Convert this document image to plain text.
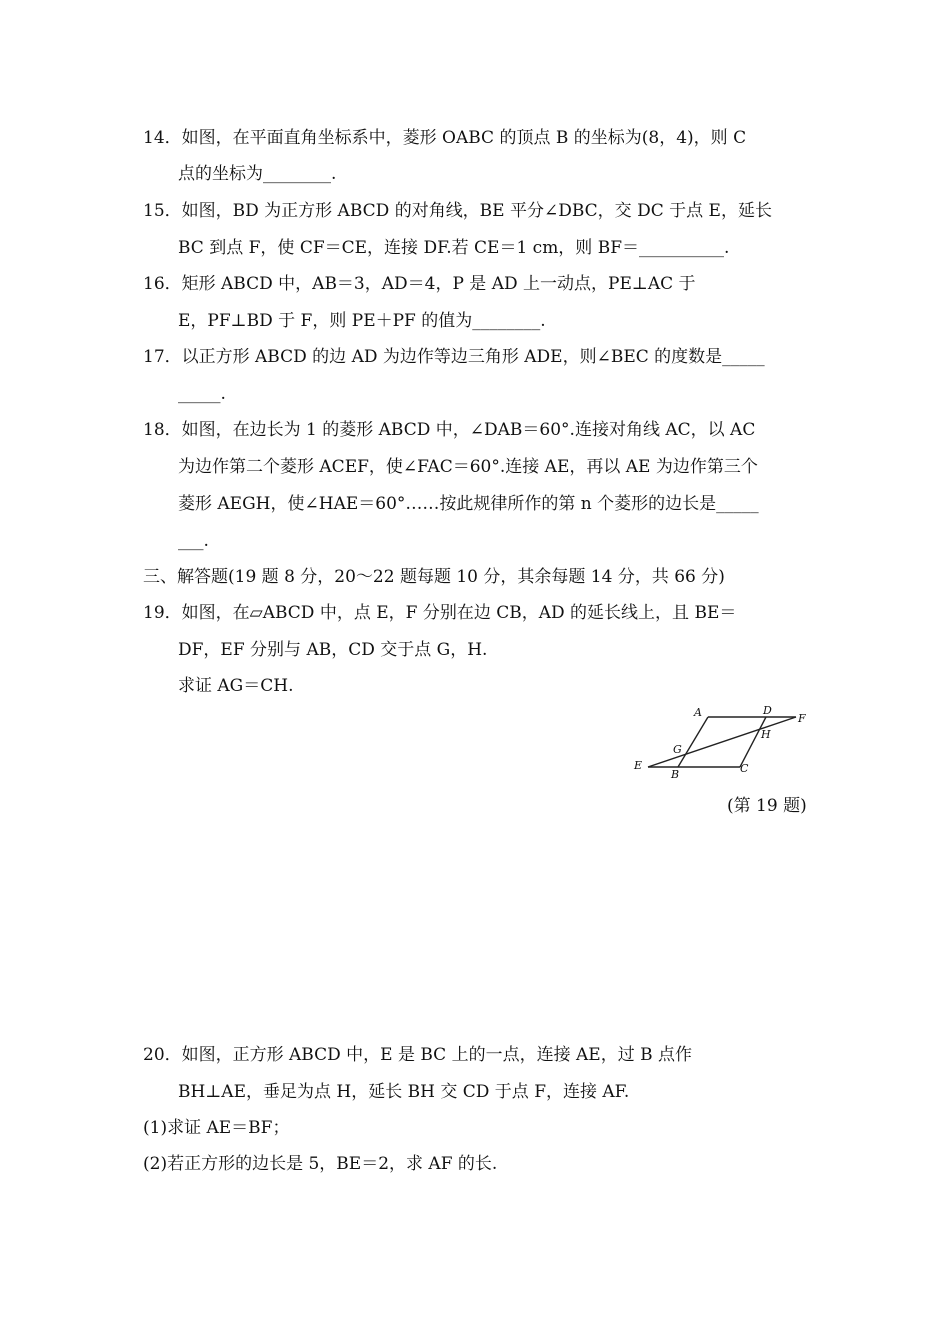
14．如图，在平面直角坐标系中，菱形 OABC 的顶点 B 的坐标为(8，4)，则 C
点的坐标为________.
15．如图，BD 为正方形 ABCD 的对角线，BE 平分∠DBC，交 DC 于点 E，延长
BC 到点 F，使 CF＝CE，连接 DF.若 CE＝1 cm，则 BF＝__________.
16．矩形 ABCD 中，AB＝3，AD＝4，P 是 AD 上一动点，PE⊥AC 于
E，PF⊥BD 于 F，则 PE＋PF 的值为________.
17．以正方形 ABCD 的边 AD 为边作等边三角形 ADE，则∠BEC 的度数是_____
_____.
18．如图，在边长为 1 的菱形 ABCD 中，∠DAB＝60°.连接对角线 AC，以 AC
为边作第二个菱形 ACEF，使∠FAC＝60°.连接 AE，再以 AE 为边作第三个
菱形 AEGH，使∠HAE＝60°……按此规律所作的第 n 个菱形的边长是_____
___.
三、解答题(19 题 8 分，20～22 题每题 10 分，其余每题 14 分，共 66 分)
19．如图，在▱ABCD 中，点 E，F 分别在边 CB，AD 的延长线上，且 BE＝
DF，EF 分别与 AB，CD 交于点 G，H.
求证 AG＝CH.
A	D
F
G
H
E
B	C
(第 19 题)
20．如图，正方形 ABCD 中，E 是 BC 上的一点，连接 AE，过 B 点作
BH⊥AE，垂足为点 H，延长 BH 交 CD 于点 F，连接 AF.
(1)求证 AE＝BF；
(2)若正方形的边长是 5，BE＝2，求 AF 的长.
